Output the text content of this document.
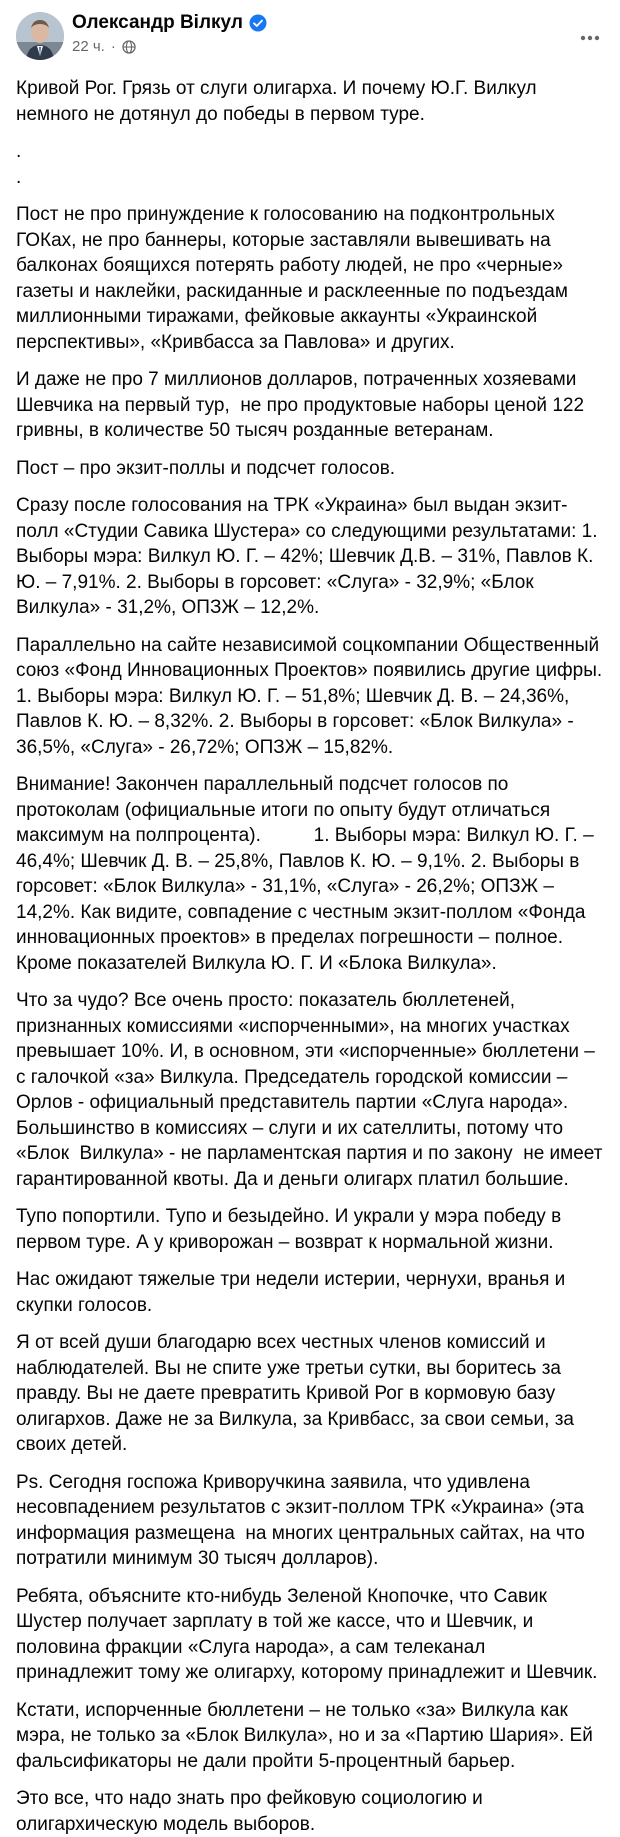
Олександр Вілкул
22 ч. ·

Кривой Рог. Грязь от слуги олигарха. И почему Ю.Г. Вилкул немного не дотянул до победы в первом туре.

.

.

Пост не про принуждение к голосованию на подконтрольных ГОКах, не про баннеры, которые заставляли вывешивать на балконах боящихся потерять работу людей, не про «черные» газеты и наклейки, раскиданные и расклеенные по подъездам миллионными тиражами, фейковые аккаунты «Украинской перспективы», «Кривбасса за Павлова» и других.

И даже не про 7 миллионов долларов, потраченных хозяевами Шевчика на первый тур,  не про продуктовые наборы ценой 122 гривны, в количестве 50 тысяч розданные ветеранам.

Пост – про экзит-поллы и подсчет голосов.

Сразу после голосования на ТРК «Украина» был выдан экзит-полл «Студии Савика Шустера» со следующими результатами: 1. Выборы мэра: Вилкул Ю. Г. – 42%; Шевчик Д.В. – 31%, Павлов К. Ю. – 7,91%. 2. Выборы в горсовет: «Слуга» - 32,9%; «Блок Вилкула» - 31,2%, ОПЗЖ – 12,2%.

Параллельно на сайте независимой соцкомпании Общественный союз «Фонд Инновационных Проектов» появились другие цифры. 1. Выборы мэра: Вилкул Ю. Г. – 51,8%; Шевчик Д. В. – 24,36%, Павлов К. Ю. – 8,32%. 2. Выборы в горсовет: «Блок Вилкула» - 36,5%, «Слуга» - 26,72%; ОПЗЖ – 15,82%.

Внимание! Закончен параллельный подсчет голосов по протоколам (официальные итоги по опыту будут отличаться максимум на полпроцента).          1. Выборы мэра: Вилкул Ю. Г. – 46,4%; Шевчик Д. В. – 25,8%, Павлов К. Ю. – 9,1%. 2. Выборы в горсовет: «Блок Вилкула» - 31,1%, «Слуга» - 26,2%; ОПЗЖ – 14,2%. Как видите, совпадение с честным экзит-поллом «Фонда инновационных проектов» в пределах погрешности – полное. Кроме показателей Вилкула Ю. Г. И «Блока Вилкула».

Что за чудо? Все очень просто: показатель бюллетеней, признанных комиссиями «испорченными», на многих участках превышает 10%. И, в основном, эти «испорченные» бюллетени – с галочкой «за» Вилкула. Председатель городской комиссии – Орлов - официальный представитель партии «Слуга народа». Большинство в комиссиях – слуги и их сателлиты, потому что «Блок  Вилкула» - не парламентская партия и по закону  не имеет гарантированной квоты. Да и деньги олигарх платил большие.

Тупо попортили. Тупо и безыдейно. И украли у мэра победу в первом туре. А у криворожан – возврат к нормальной жизни.

Нас ожидают тяжелые три недели истерии, чернухи, вранья и скупки голосов.

Я от всей души благодарю всех честных членов комиссий и наблюдателей. Вы не спите уже третьи сутки, вы боритесь за правду. Вы не даете превратить Кривой Рог в кормовую базу олигархов. Даже не за Вилкула, за Кривбасс, за свои семьи, за своих детей.

Ps. Сегодня госпожа Криворучкина заявила, что удивлена несовпадением результатов с экзит-поллом ТРК «Украина» (эта информация размещена  на многих центральных сайтах, на что потратили минимум 30 тысяч долларов).

Ребята, объясните кто-нибудь Зеленой Кнопочке, что Савик Шустер получает зарплату в той же кассе, что и Шевчик, и половина фракции «Слуга народа», а сам телеканал принадлежит тому же олигарху, которому принадлежит и Шевчик.

Кстати, испорченные бюллетени – не только «за» Вилкула как мэра, не только за «Блок Вилкула», но и за «Партию Шария». Ей фальсификаторы не дали пройти 5-процентный барьер.

Это все, что надо знать про фейковую социологию и олигархическую модель выборов.
